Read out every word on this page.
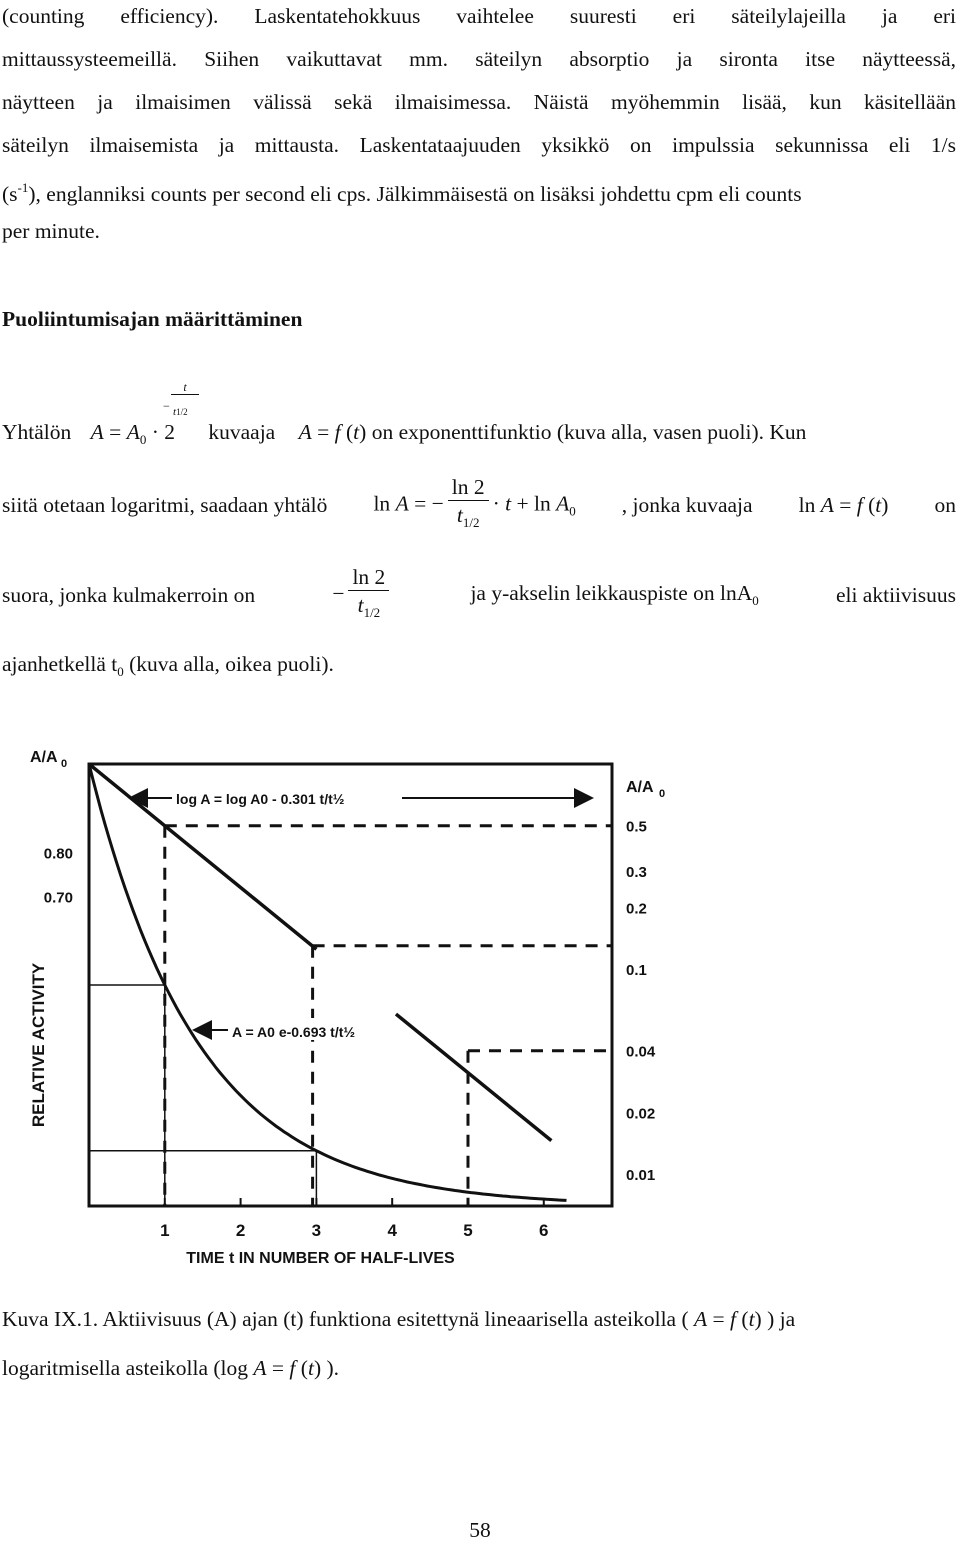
(counting efficiency). Laskentatehokkuus vaihtelee suuresti eri säteilylajeilla ja eri
mittaussysteemeillä. Siihen vaikuttavat mm. säteilyn absorptio ja sironta itse näytteessä,
näytteen ja ilmaisimen välissä sekä ilmaisimessa. Näistä myöhemmin lisää, kun käsitellään
säteilyn ilmaisemista ja mittausta. Laskentataajuuden yksikkö on impulssia sekunnissa eli 1/s
$(s^{-1})$, englanniksi counts per second eli cps. Jälkimmäisestä on lisäksi johdettu cpm eli counts
per minute.
Puoliintumisajan määrittäminen
Yhtälön $A = A_0 \cdot 2$
t
t1/2
−
kuvaaja A = f (t) on exponenttifunktio (kuva alla, vasen puoli). Kun
siitä otetaan logaritmi, saadaan yhtälö ln A = − $\frac{\ln 2}{t_{1/2}} \cdot t + \ln A_0$ , jonka kuvaaja ln A = f (t) on
suora, jonka kulmakerroin on	− $\frac{\ln 2}{t_{1/2}}$	ja y-akselin leikkauspiste on lnA$_0$	eli aktiivisuus
ajanhetkellä $t_0$ (kuva alla, oikea puoli).
1	2	3	4	5	6
0.80
0.70
A/A 0
0.5
0.3
0.2
0.1
0.04
0.02
0.01
A/A 0
RELATIVE ACTIVITY
TIME t IN NUMBER OF HALF-LIVES
log A = log A0 - 0.301 t/t½
A = A0 e-0.693 t/t½
Kuva IX.1. Aktiivisuus (A) ajan (t) funktiona esitettynä lineaarisella asteikolla ( A = f (t) ) ja
logaritmisella asteikolla (log A = f (t) ).
58
